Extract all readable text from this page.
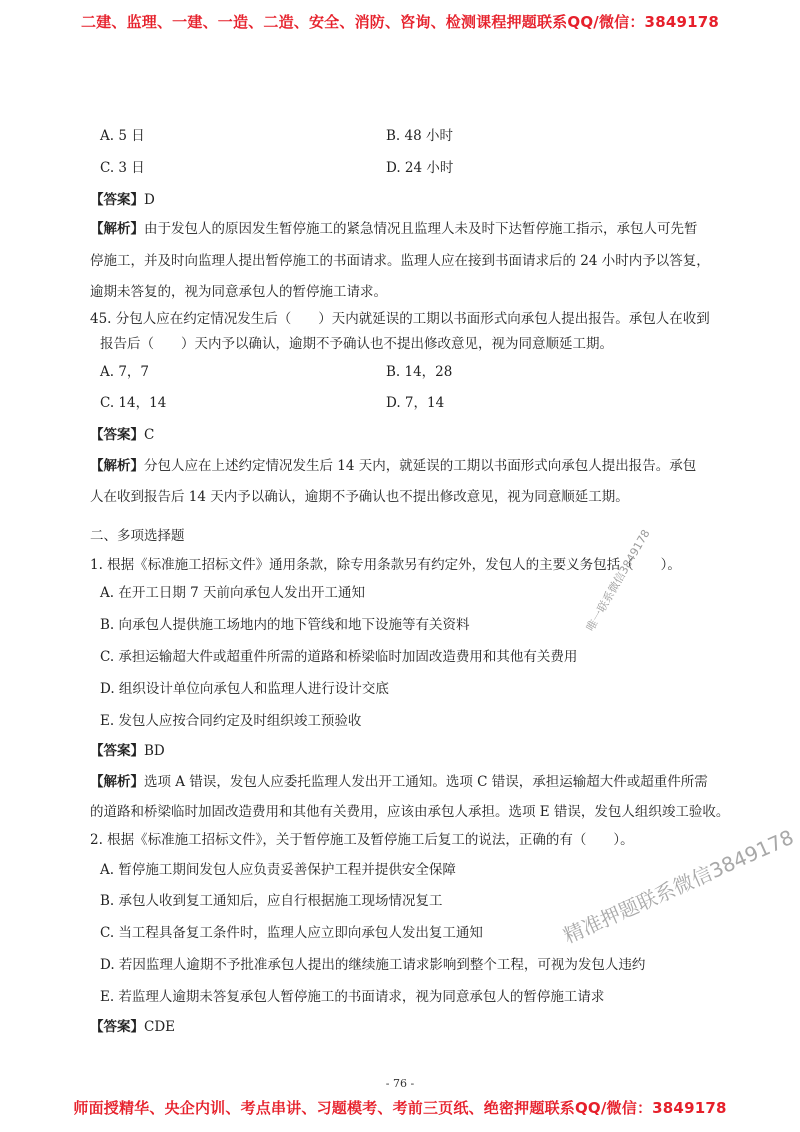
二建、监理、一建、一造、二造、安全、消防、咨询、检测课程押题联系QQ/微信：3849178
A. 5 日	B. 48 小时
C. 3 日	D. 24 小时
【答案】D
【解析】由于发包人的原因发生暂停施工的紧急情况且监理人未及时下达暂停施工指示，承包人可先暂
停施工，并及时向监理人提出暂停施工的书面请求。监理人应在接到书面请求后的 24 小时内予以答复，
逾期未答复的，视为同意承包人的暂停施工请求。
45. 分包人应在约定情况发生后（　　）天内就延误的工期以书面形式向承包人提出报告。承包人在收到
报告后（　　）天内予以确认，逾期不予确认也不提出修改意见，视为同意顺延工期。
A. 7，7	B. 14，28
C. 14，14	D. 7，14
【答案】C
【解析】分包人应在上述约定情况发生后 14 天内，就延误的工期以书面形式向承包人提出报告。承包
人在收到报告后 14 天内予以确认，逾期不予确认也不提出修改意见，视为同意顺延工期。
二、多项选择题
1. 根据《标准施工招标文件》通用条款，除专用条款另有约定外，发包人的主要义务包括（　　）。
A. 在开工日期 7 天前向承包人发出开工通知
B. 向承包人提供施工场地内的地下管线和地下设施等有关资料
C. 承担运输超大件或超重件所需的道路和桥梁临时加固改造费用和其他有关费用
D. 组织设计单位向承包人和监理人进行设计交底
E. 发包人应按合同约定及时组织竣工预验收
【答案】BD
【解析】选项 A 错误，发包人应委托监理人发出开工通知。选项 C 错误，承担运输超大件或超重件所需
的道路和桥梁临时加固改造费用和其他有关费用，应该由承包人承担。选项 E 错误，发包人组织竣工验收。
2. 根据《标准施工招标文件》，关于暂停施工及暂停施工后复工的说法，正确的有（　　）。
A. 暂停施工期间发包人应负责妥善保护工程并提供安全保障
B. 承包人收到复工通知后，应自行根据施工现场情况复工
C. 当工程具备复工条件时，监理人应立即向承包人发出复工通知
D. 若因监理人逾期不予批准承包人提出的继续施工请求影响到整个工程，可视为发包人违约
E. 若监理人逾期未答复承包人暂停施工的书面请求，视为同意承包人的暂停施工请求
【答案】CDE
唯一联系微信3849178
精准押题联系微信3849178
- 76 -
师面授精华、央企内训、考点串讲、习题模考、考前三页纸、绝密押题联系QQ/微信：3849178
